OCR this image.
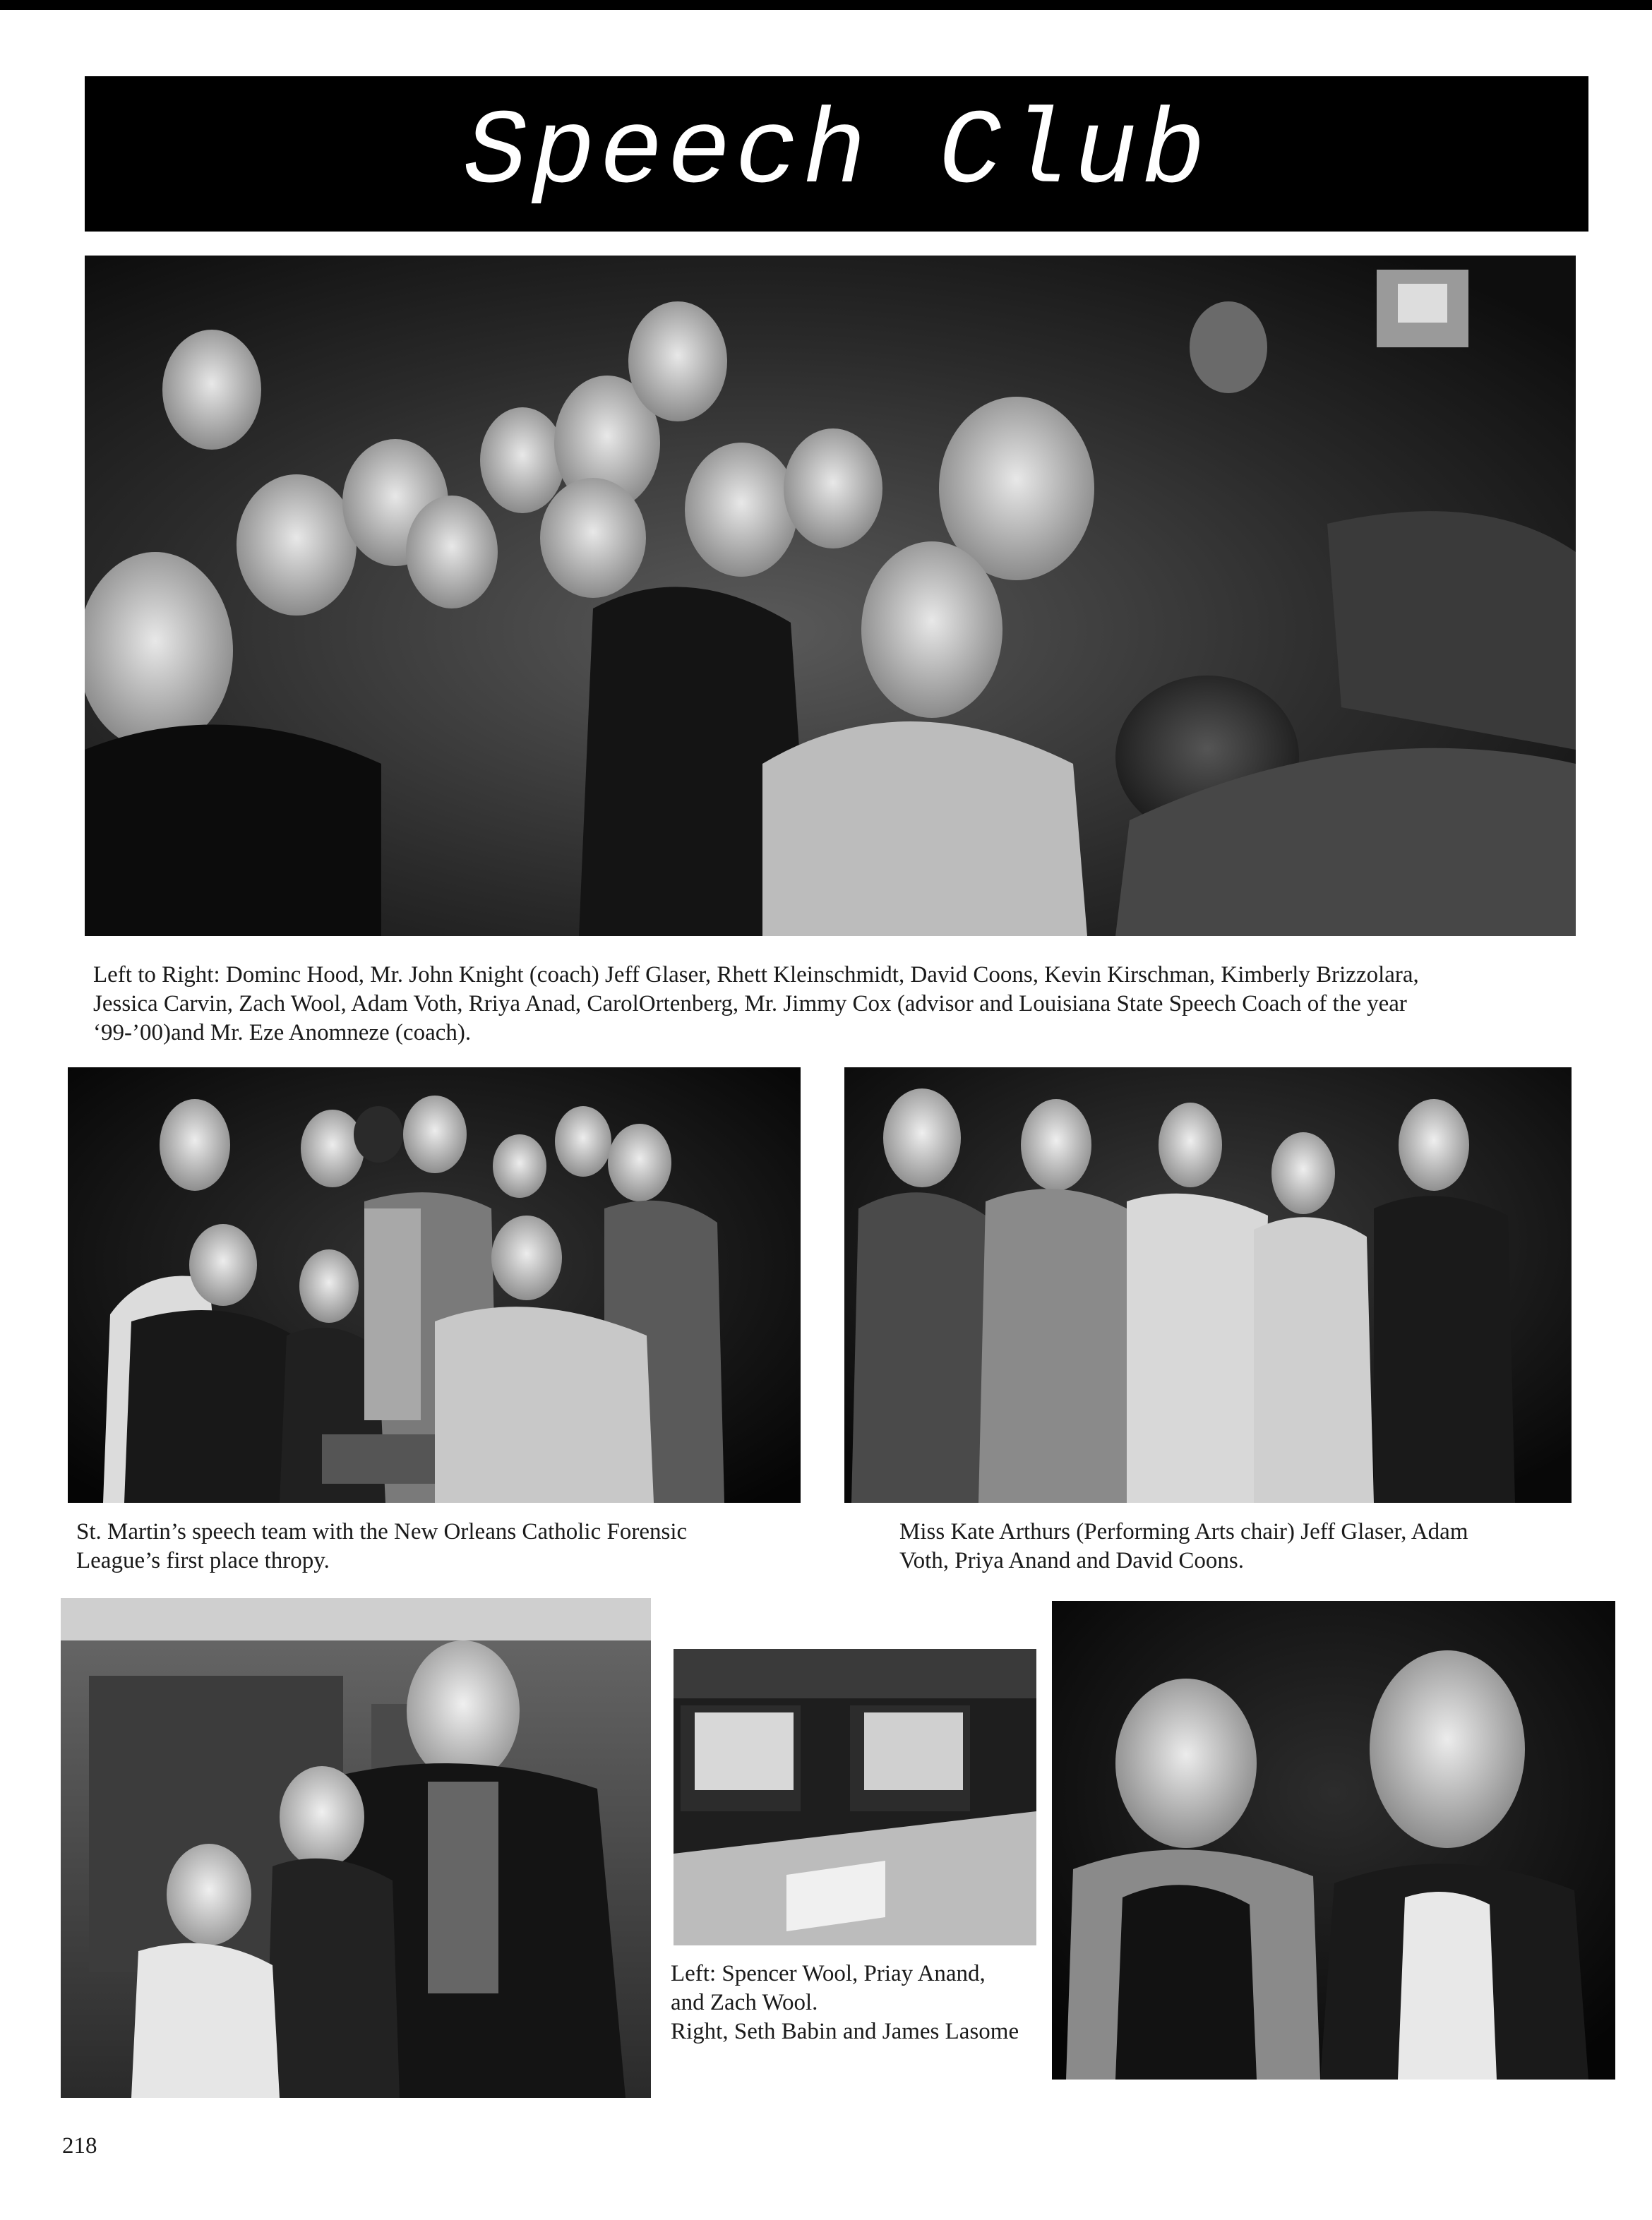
Speech Club

Left to Right: Dominc Hood, Mr. John Knight (coach) Jeff Glaser, Rhett Kleinschmidt, David Coons, Kevin Kirschman, Kimberly Brizzolara,
Jessica Carvin, Zach Wool, Adam Voth, Rriya Anad, CarolOrtenberg, Mr. Jimmy Cox (advisor and Louisiana State Speech Coach of the year
‘99-’00)and Mr. Eze Anomneze (coach).

St. Martin’s speech team with the New Orleans Catholic Forensic
League’s first place thropy.

Miss Kate Arthurs (Performing Arts chair) Jeff Glaser, Adam
Voth, Priya Anand and David Coons.

Left: Spencer Wool, Priay Anand,
and Zach Wool.
Right, Seth Babin and James Lasome

218
